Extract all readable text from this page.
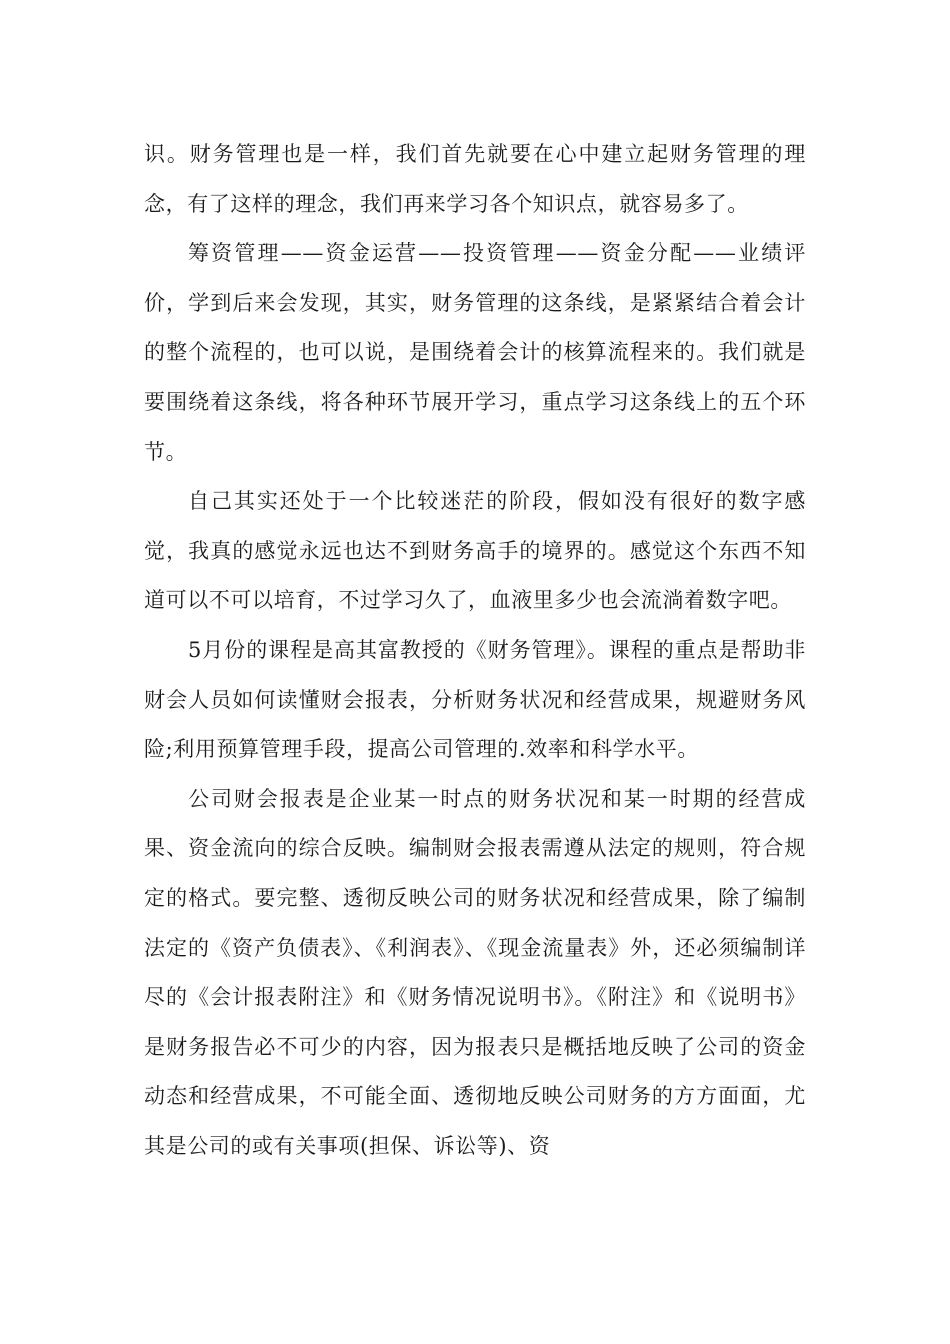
识。财务管理也是一样，我们首先就要在心中建立起财务管理的理念，有了这样的理念，我们再来学习各个知识点，就容易多了。

筹资管理——资金运营——投资管理——资金分配——业绩评价，学到后来会发现，其实，财务管理的这条线，是紧紧结合着会计的整个流程的，也可以说，是围绕着会计的核算流程来的。我们就是要围绕着这条线，将各种环节展开学习，重点学习这条线上的五个环节。

自己其实还处于一个比较迷茫的阶段，假如没有很好的数字感觉，我真的感觉永远也达不到财务高手的境界的。感觉这个东西不知道可以不可以培育，不过学习久了，血液里多少也会流淌着数字吧。

5月份的课程是高其富教授的《财务管理》。课程的重点是帮助非财会人员如何读懂财会报表，分析财务状况和经营成果，规避财务风险;利用预算管理手段，提高公司管理的.效率和科学水平。

公司财会报表是企业某一时点的财务状况和某一时期的经营成果、资金流向的综合反映。编制财会报表需遵从法定的规则，符合规定的格式。要完整、透彻反映公司的财务状况和经营成果，除了编制法定的《资产负债表》、《利润表》、《现金流量表》外，还必须编制详尽的《会计报表附注》和《财务情况说明书》。《附注》和《说明书》是财务报告必不可少的内容，因为报表只是概括地反映了公司的资金动态和经营成果，不可能全面、透彻地反映公司财务的方方面面，尤其是公司的或有关事项(担保、诉讼等)、资
